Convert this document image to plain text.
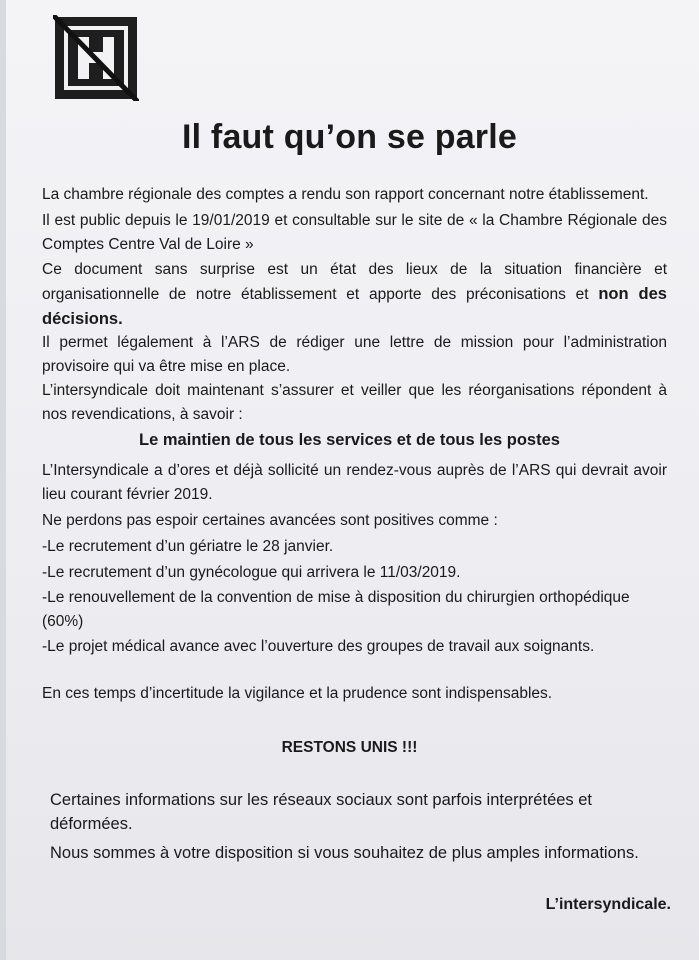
Il faut qu’on se parle

La chambre régionale des comptes a rendu son rapport concernant notre établissement.

Il est public depuis le 19/01/2019 et consultable sur le site de « la Chambre Régionale des Comptes Centre Val de Loire »

Ce document sans surprise est un état des lieux de la situation financière et organisationnelle de notre établissement et apporte des préconisations et non des décisions.

Il permet légalement à l’ARS de rédiger une lettre de mission pour l’administration provisoire qui va être mise en place.

L’intersyndicale doit maintenant s’assurer et veiller que les réorganisations répondent à nos revendications, à savoir :

Le maintien de tous les services et de tous les postes

L’Intersyndicale a d’ores et déjà sollicité un rendez-vous auprès de l’ARS qui devrait avoir lieu courant février 2019.

Ne perdons pas espoir certaines avancées sont positives comme :

-Le recrutement d’un gériatre le 28 janvier.

-Le recrutement d’un gynécologue qui arrivera le 11/03/2019.

-Le renouvellement de la convention de mise à disposition du chirurgien orthopédique (60%)

-Le projet médical avance avec l’ouverture des groupes de travail aux soignants.

En ces temps d’incertitude la vigilance et la prudence sont indispensables.

RESTONS UNIS !!!

Certaines informations sur les réseaux sociaux sont parfois interprétées et déformées.

Nous sommes à votre disposition si vous souhaitez de plus amples informations.

L’intersyndicale.
